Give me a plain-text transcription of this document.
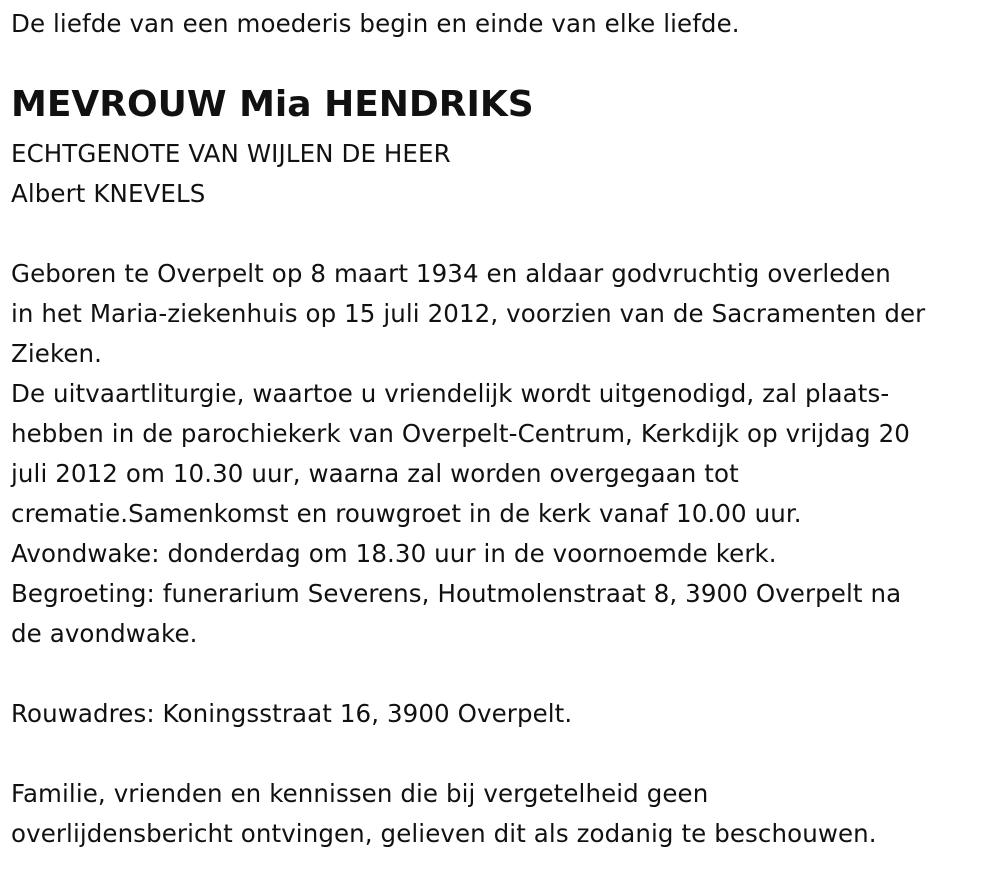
De liefde van een moederis begin en einde van elke liefde.
MEVROUW Mia HENDRIKS
ECHTGENOTE VAN WIJLEN DE HEER
Albert KNEVELS
Geboren te Overpelt op 8 maart 1934 en aldaar godvruchtig overleden
in het Maria-ziekenhuis op 15 juli 2012, voorzien van de Sacramenten der
Zieken.
De uitvaartliturgie, waartoe u vriendelijk wordt uitgenodigd, zal plaats-
hebben in de parochiekerk van Overpelt-Centrum, Kerkdijk op vrijdag 20
juli 2012 om 10.30 uur, waarna zal worden overgegaan tot
crematie.Samenkomst en rouwgroet in de kerk vanaf 10.00 uur.
Avondwake: donderdag om 18.30 uur in de voornoemde kerk.
Begroeting: funerarium Severens, Houtmolenstraat 8, 3900 Overpelt na
de avondwake.
Rouwadres: Koningsstraat 16, 3900 Overpelt.
Familie, vrienden en kennissen die bij vergetelheid geen
overlijdensbericht ontvingen, gelieven dit als zodanig te beschouwen.
